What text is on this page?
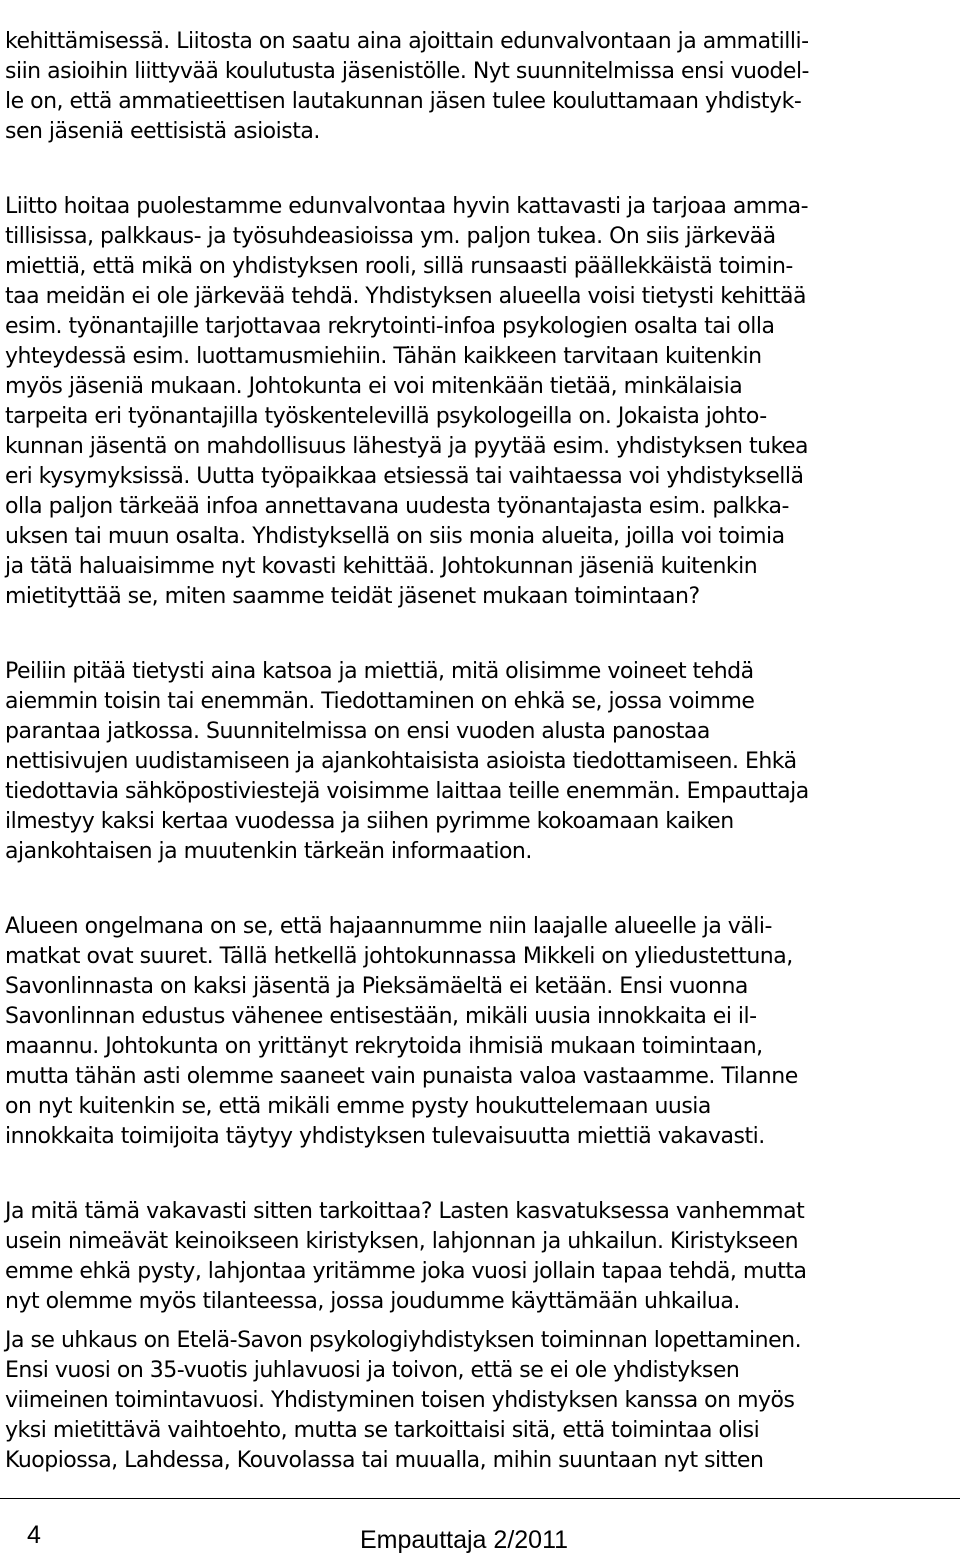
kehittämisessä. Liitosta on saatu aina ajoittain edunvalvontaan ja ammatilli-
siin asioihin liittyvää koulutusta jäsenistölle. Nyt suunnitelmissa ensi vuodel-
le on, että ammatieettisen lautakunnan jäsen tulee kouluttamaan yhdistyk-
sen jäseniä eettisistä asioista.

Liitto hoitaa puolestamme edunvalvontaa hyvin kattavasti ja tarjoaa amma-
tillisissa, palkkaus- ja työsuhdeasioissa ym. paljon tukea. On siis järkevää
miettiä, että mikä on yhdistyksen rooli, sillä runsaasti päällekkäistä toimin-
taa meidän ei ole järkevää tehdä. Yhdistyksen alueella voisi tietysti kehittää
esim. työnantajille tarjottavaa rekrytointi-infoa psykologien osalta tai olla
yhteydessä esim. luottamusmiehiin. Tähän kaikkeen tarvitaan kuitenkin
myös jäseniä mukaan. Johtokunta ei voi mitenkään tietää, minkälaisia
tarpeita eri työnantajilla työskentelevillä psykologeilla on. Jokaista johto-
kunnan jäsentä on mahdollisuus lähestyä ja pyytää esim. yhdistyksen tukea
eri kysymyksissä. Uutta työpaikkaa etsiessä tai vaihtaessa voi yhdistyksellä
olla paljon tärkeää infoa annettavana uudesta työnantajasta esim. palkka-
uksen tai muun osalta. Yhdistyksellä on siis monia alueita, joilla voi toimia
ja tätä haluaisimme nyt kovasti kehittää. Johtokunnan jäseniä kuitenkin
mietityttää se, miten saamme teidät jäsenet mukaan toimintaan?

Peiliin pitää tietysti aina katsoa ja miettiä, mitä olisimme voineet tehdä
aiemmin toisin tai enemmän. Tiedottaminen on ehkä se, jossa voimme
parantaa jatkossa. Suunnitelmissa on ensi vuoden alusta panostaa
nettisivujen uudistamiseen ja ajankohtaisista asioista tiedottamiseen. Ehkä
tiedottavia sähköpostiviestejä voisimme laittaa teille enemmän. Empauttaja
ilmestyy kaksi kertaa vuodessa ja siihen pyrimme kokoamaan kaiken
ajankohtaisen ja muutenkin tärkeän informaation.

Alueen ongelmana on se, että hajaannumme niin laajalle alueelle ja väli-
matkat ovat suuret. Tällä hetkellä johtokunnassa Mikkeli on yliedustettuna,
Savonlinnasta on kaksi jäsentä ja Pieksämäeltä ei ketään. Ensi vuonna
Savonlinnan edustus vähenee entisestään, mikäli uusia innokkaita ei il-
maannu. Johtokunta on yrittänyt rekrytoida ihmisiä mukaan toimintaan,
mutta tähän asti olemme saaneet vain punaista valoa vastaamme. Tilanne
on nyt kuitenkin se, että mikäli emme pysty houkuttelemaan uusia
innokkaita toimijoita täytyy yhdistyksen tulevaisuutta miettiä vakavasti.

Ja mitä tämä vakavasti sitten tarkoittaa? Lasten kasvatuksessa vanhemmat
usein nimeävät keinoikseen kiristyksen, lahjonnan ja uhkailun. Kiristykseen
emme ehkä pysty, lahjontaa yritämme joka vuosi jollain tapaa tehdä, mutta
nyt olemme myös tilanteessa, jossa joudumme käyttämään uhkailua.

Ja se uhkaus on Etelä-Savon psykologiyhdistyksen toiminnan lopettaminen.
Ensi vuosi on 35-vuotis juhlavuosi ja toivon, että se ei ole yhdistyksen
viimeinen toimintavuosi. Yhdistyminen toisen yhdistyksen kanssa on myös
yksi mietittävä vaihtoehto, mutta se tarkoittaisi sitä, että toimintaa olisi
Kuopiossa, Lahdessa, Kouvolassa tai muualla, mihin suuntaan nyt sitten

4	Empauttaja 2/2011
